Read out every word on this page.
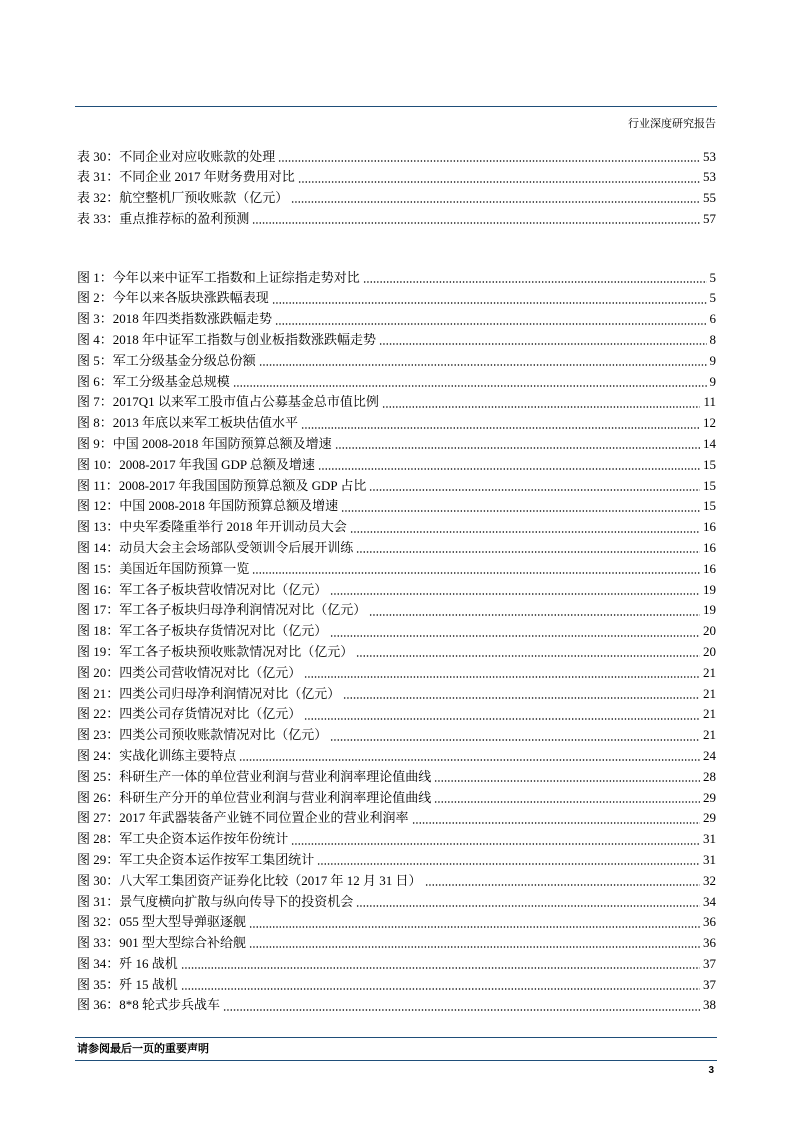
行业深度研究报告
表 30： 不同企业对应收账款的处理	53
表 31： 不同企业 2017 年财务费用对比	53
表 32： 航空整机厂预收账款（亿元）	55
表 33： 重点推荐标的盈利预测	57
图 1： 今年以来中证军工指数和上证综指走势对比	5
图 2： 今年以来各版块涨跌幅表现	5
图 3： 2018 年四类指数涨跌幅走势	6
图 4： 2018 年中证军工指数与创业板指数涨跌幅走势	8
图 5： 军工分级基金分级总份额	9
图 6： 军工分级基金总规模	9
图 7： 2017Q1 以来军工股市值占公募基金总市值比例	11
图 8： 2013 年底以来军工板块估值水平	12
图 9： 中国 2008-2018 年国防预算总额及增速	14
图 10： 2008-2017 年我国 GDP 总额及增速	15
图 11： 2008-2017 年我国国防预算总额及 GDP 占比	15
图 12： 中国 2008-2018 年国防预算总额及增速	15
图 13： 中央军委隆重举行 2018 年开训动员大会	16
图 14： 动员大会主会场部队受领训令后展开训练	16
图 15： 美国近年国防预算一览	16
图 16： 军工各子板块营收情况对比（亿元）	19
图 17： 军工各子板块归母净利润情况对比（亿元）	19
图 18： 军工各子板块存货情况对比（亿元）	20
图 19： 军工各子板块预收账款情况对比（亿元）	20
图 20： 四类公司营收情况对比（亿元）	21
图 21： 四类公司归母净利润情况对比（亿元）	21
图 22： 四类公司存货情况对比（亿元）	21
图 23： 四类公司预收账款情况对比（亿元）	21
图 24： 实战化训练主要特点	24
图 25： 科研生产一体的单位营业利润与营业利润率理论值曲线	28
图 26： 科研生产分开的单位营业利润与营业利润率理论值曲线	29
图 27： 2017 年武器装备产业链不同位置企业的营业利润率	29
图 28： 军工央企资本运作按年份统计	31
图 29： 军工央企资本运作按军工集团统计	31
图 30： 八大军工集团资产证券化比较（2017 年 12 月 31 日）	32
图 31： 景气度横向扩散与纵向传导下的投资机会	34
图 32： 055 型大型导弹驱逐舰	36
图 33： 901 型大型综合补给舰	36
图 34： 歼 16 战机	37
图 35： 歼 15 战机	37
图 36： 8*8 轮式步兵战车	38
请参阅最后一页的重要声明
3
